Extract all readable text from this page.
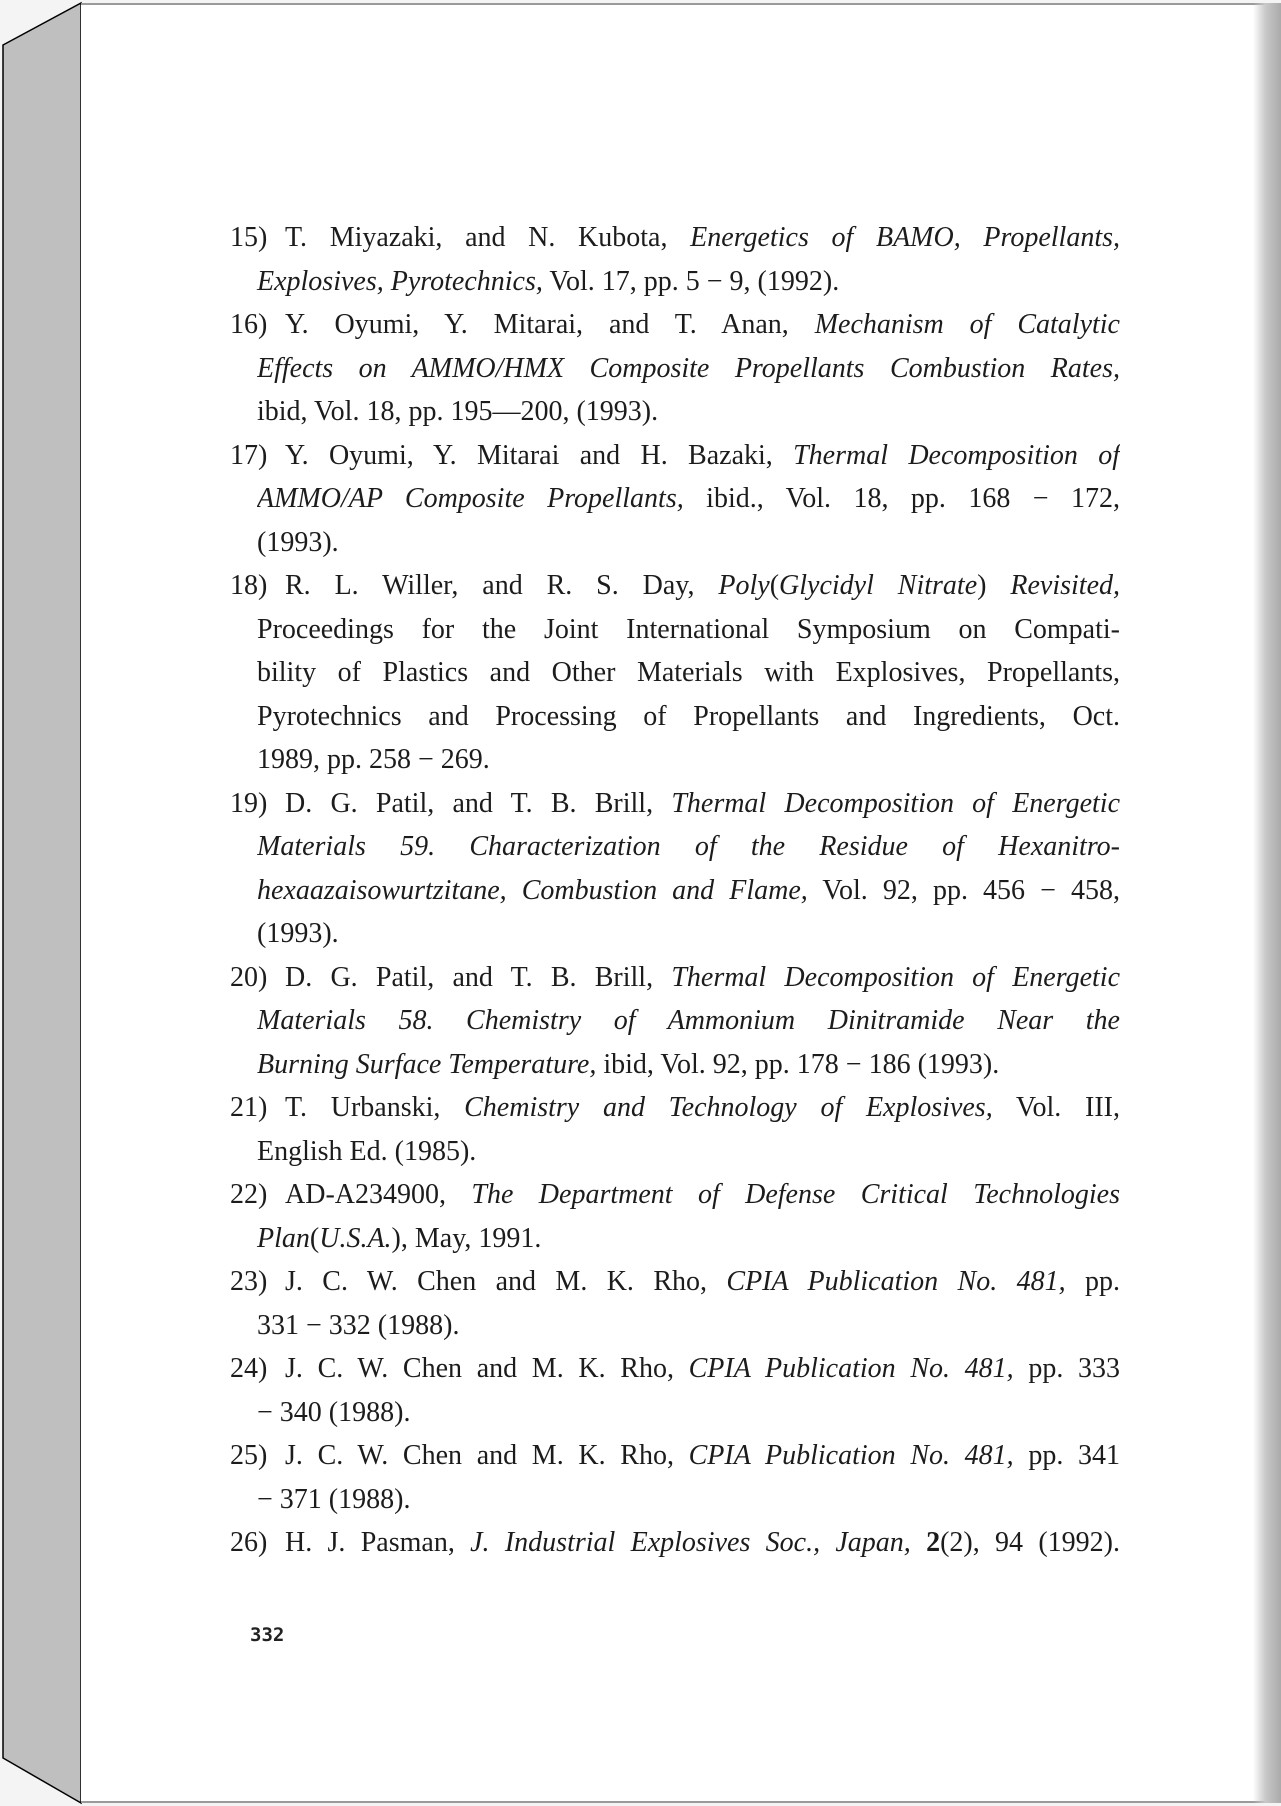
15) T. Miyazaki, and N. Kubota, Energetics of BAMO, Propellants,
Explosives, Pyrotechnics, Vol. 17, pp. 5 − 9, (1992).
16) Y. Oyumi, Y. Mitarai, and T. Anan, Mechanism of Catalytic
Effects on AMMO/HMX Composite Propellants Combustion Rates,
ibid, Vol. 18, pp. 195—200, (1993).
17) Y. Oyumi, Y. Mitarai and H. Bazaki, Thermal Decomposition of
AMMO/AP Composite Propellants, ibid., Vol. 18, pp. 168 − 172,
(1993).
18) R. L. Willer, and R. S. Day, Poly(Glycidyl Nitrate) Revisited,
Proceedings for the Joint International Symposium on Compati-
bility of Plastics and Other Materials with Explosives, Propellants,
Pyrotechnics and Processing of Propellants and Ingredients, Oct.
1989, pp. 258 − 269.
19) D. G. Patil, and T. B. Brill, Thermal Decomposition of Energetic
Materials 59. Characterization of the Residue of Hexanitro-
hexaazaisowurtzitane, Combustion and Flame, Vol. 92, pp. 456 − 458,
(1993).
20) D. G. Patil, and T. B. Brill, Thermal Decomposition of Energetic
Materials 58. Chemistry of Ammonium Dinitramide Near the
Burning Surface Temperature, ibid, Vol. 92, pp. 178 − 186 (1993).
21) T. Urbanski, Chemistry and Technology of Explosives, Vol. III,
English Ed. (1985).
22) AD-A234900, The Department of Defense Critical Technologies
Plan(U.S.A.), May, 1991.
23) J. C. W. Chen and M. K. Rho, CPIA Publication No. 481, pp.
331 − 332 (1988).
24) J. C. W. Chen and M. K. Rho, CPIA Publication No. 481, pp. 333
− 340 (1988).
25) J. C. W. Chen and M. K. Rho, CPIA Publication No. 481, pp. 341
− 371 (1988).
26) H. J. Pasman, J. Industrial Explosives Soc., Japan, 2(2), 94 (1992).
332
